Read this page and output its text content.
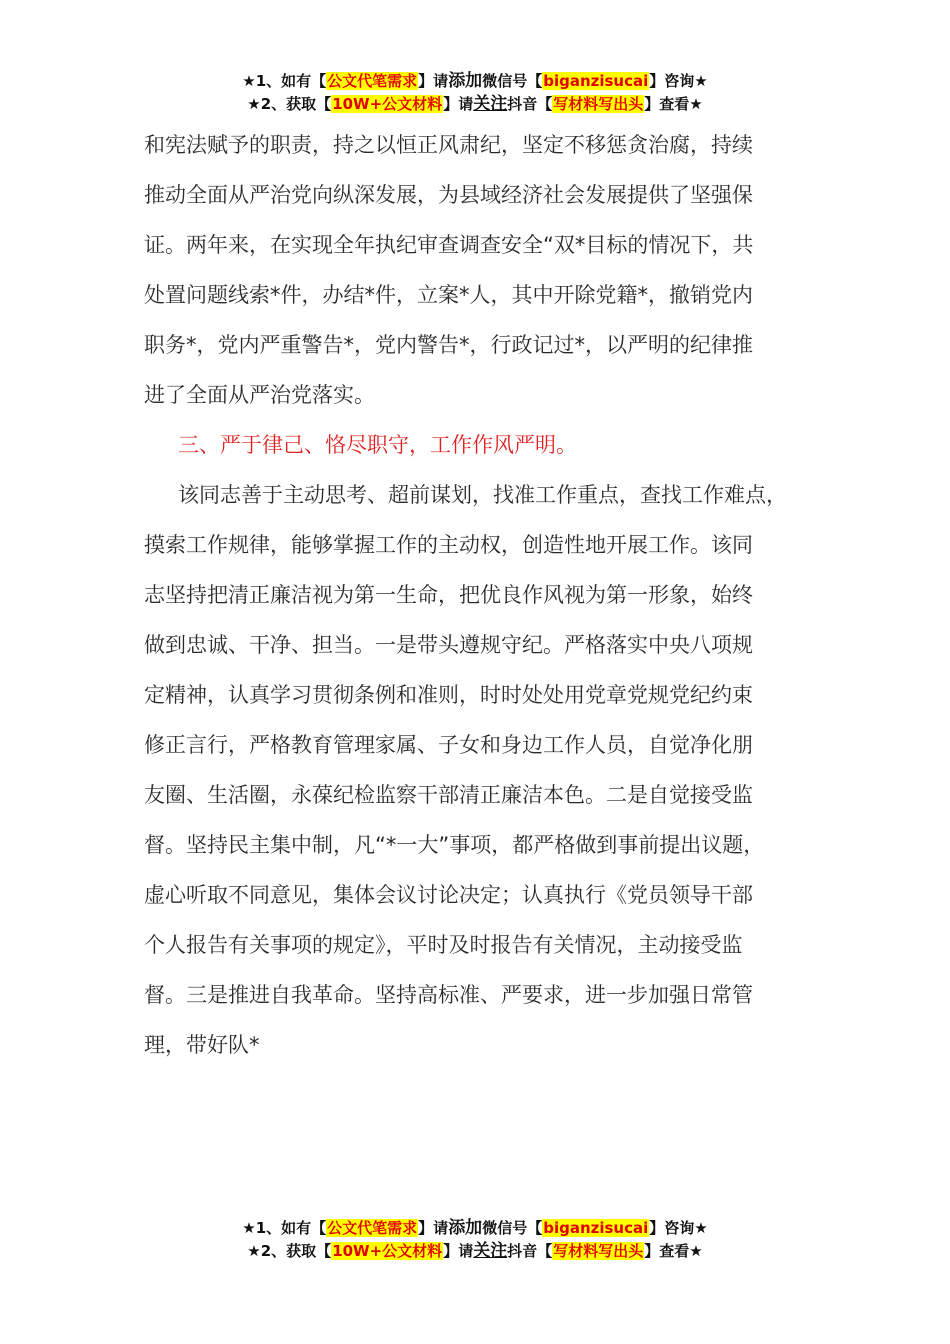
★1、如有【公文代笔需求】请添加微信号【biganzisucai】咨询★
★2、获取【10W+公文材料】请关注抖音【写材料写出头】查看★
和宪法赋予的职责，持之以恒正风肃纪，坚定不移惩贪治腐，持续
推动全面从严治党向纵深发展，为县域经济社会发展提供了坚强保
证。两年来，在实现全年执纪审查调查安全“双*目标的情况下，共
处置问题线索*件，办结*件，立案*人，其中开除党籍*，撤销党内
职务*，党内严重警告*，党内警告*，行政记过*，以严明的纪律推
进了全面从严治党落实。
三、严于律己、恪尽职守，工作作风严明。
该同志善于主动思考、超前谋划，找准工作重点，查找工作难点，
摸索工作规律，能够掌握工作的主动权，创造性地开展工作。该同
志坚持把清正廉洁视为第一生命，把优良作风视为第一形象，始终
做到忠诚、干净、担当。一是带头遵规守纪。严格落实中央八项规
定精神，认真学习贯彻条例和准则，时时处处用党章党规党纪约束
修正言行，严格教育管理家属、子女和身边工作人员，自觉净化朋
友圈、生活圈，永葆纪检监察干部清正廉洁本色。二是自觉接受监
督。坚持民主集中制，凡“*一大”事项，都严格做到事前提出议题，
虚心听取不同意见，集体会议讨论决定；认真执行《党员领导干部
个人报告有关事项的规定》，平时及时报告有关情况，主动接受监
督。三是推进自我革命。坚持高标准、严要求，进一步加强日常管
理，带好队*
★1、如有【公文代笔需求】请添加微信号【biganzisucai】咨询★
★2、获取【10W+公文材料】请关注抖音【写材料写出头】查看★
